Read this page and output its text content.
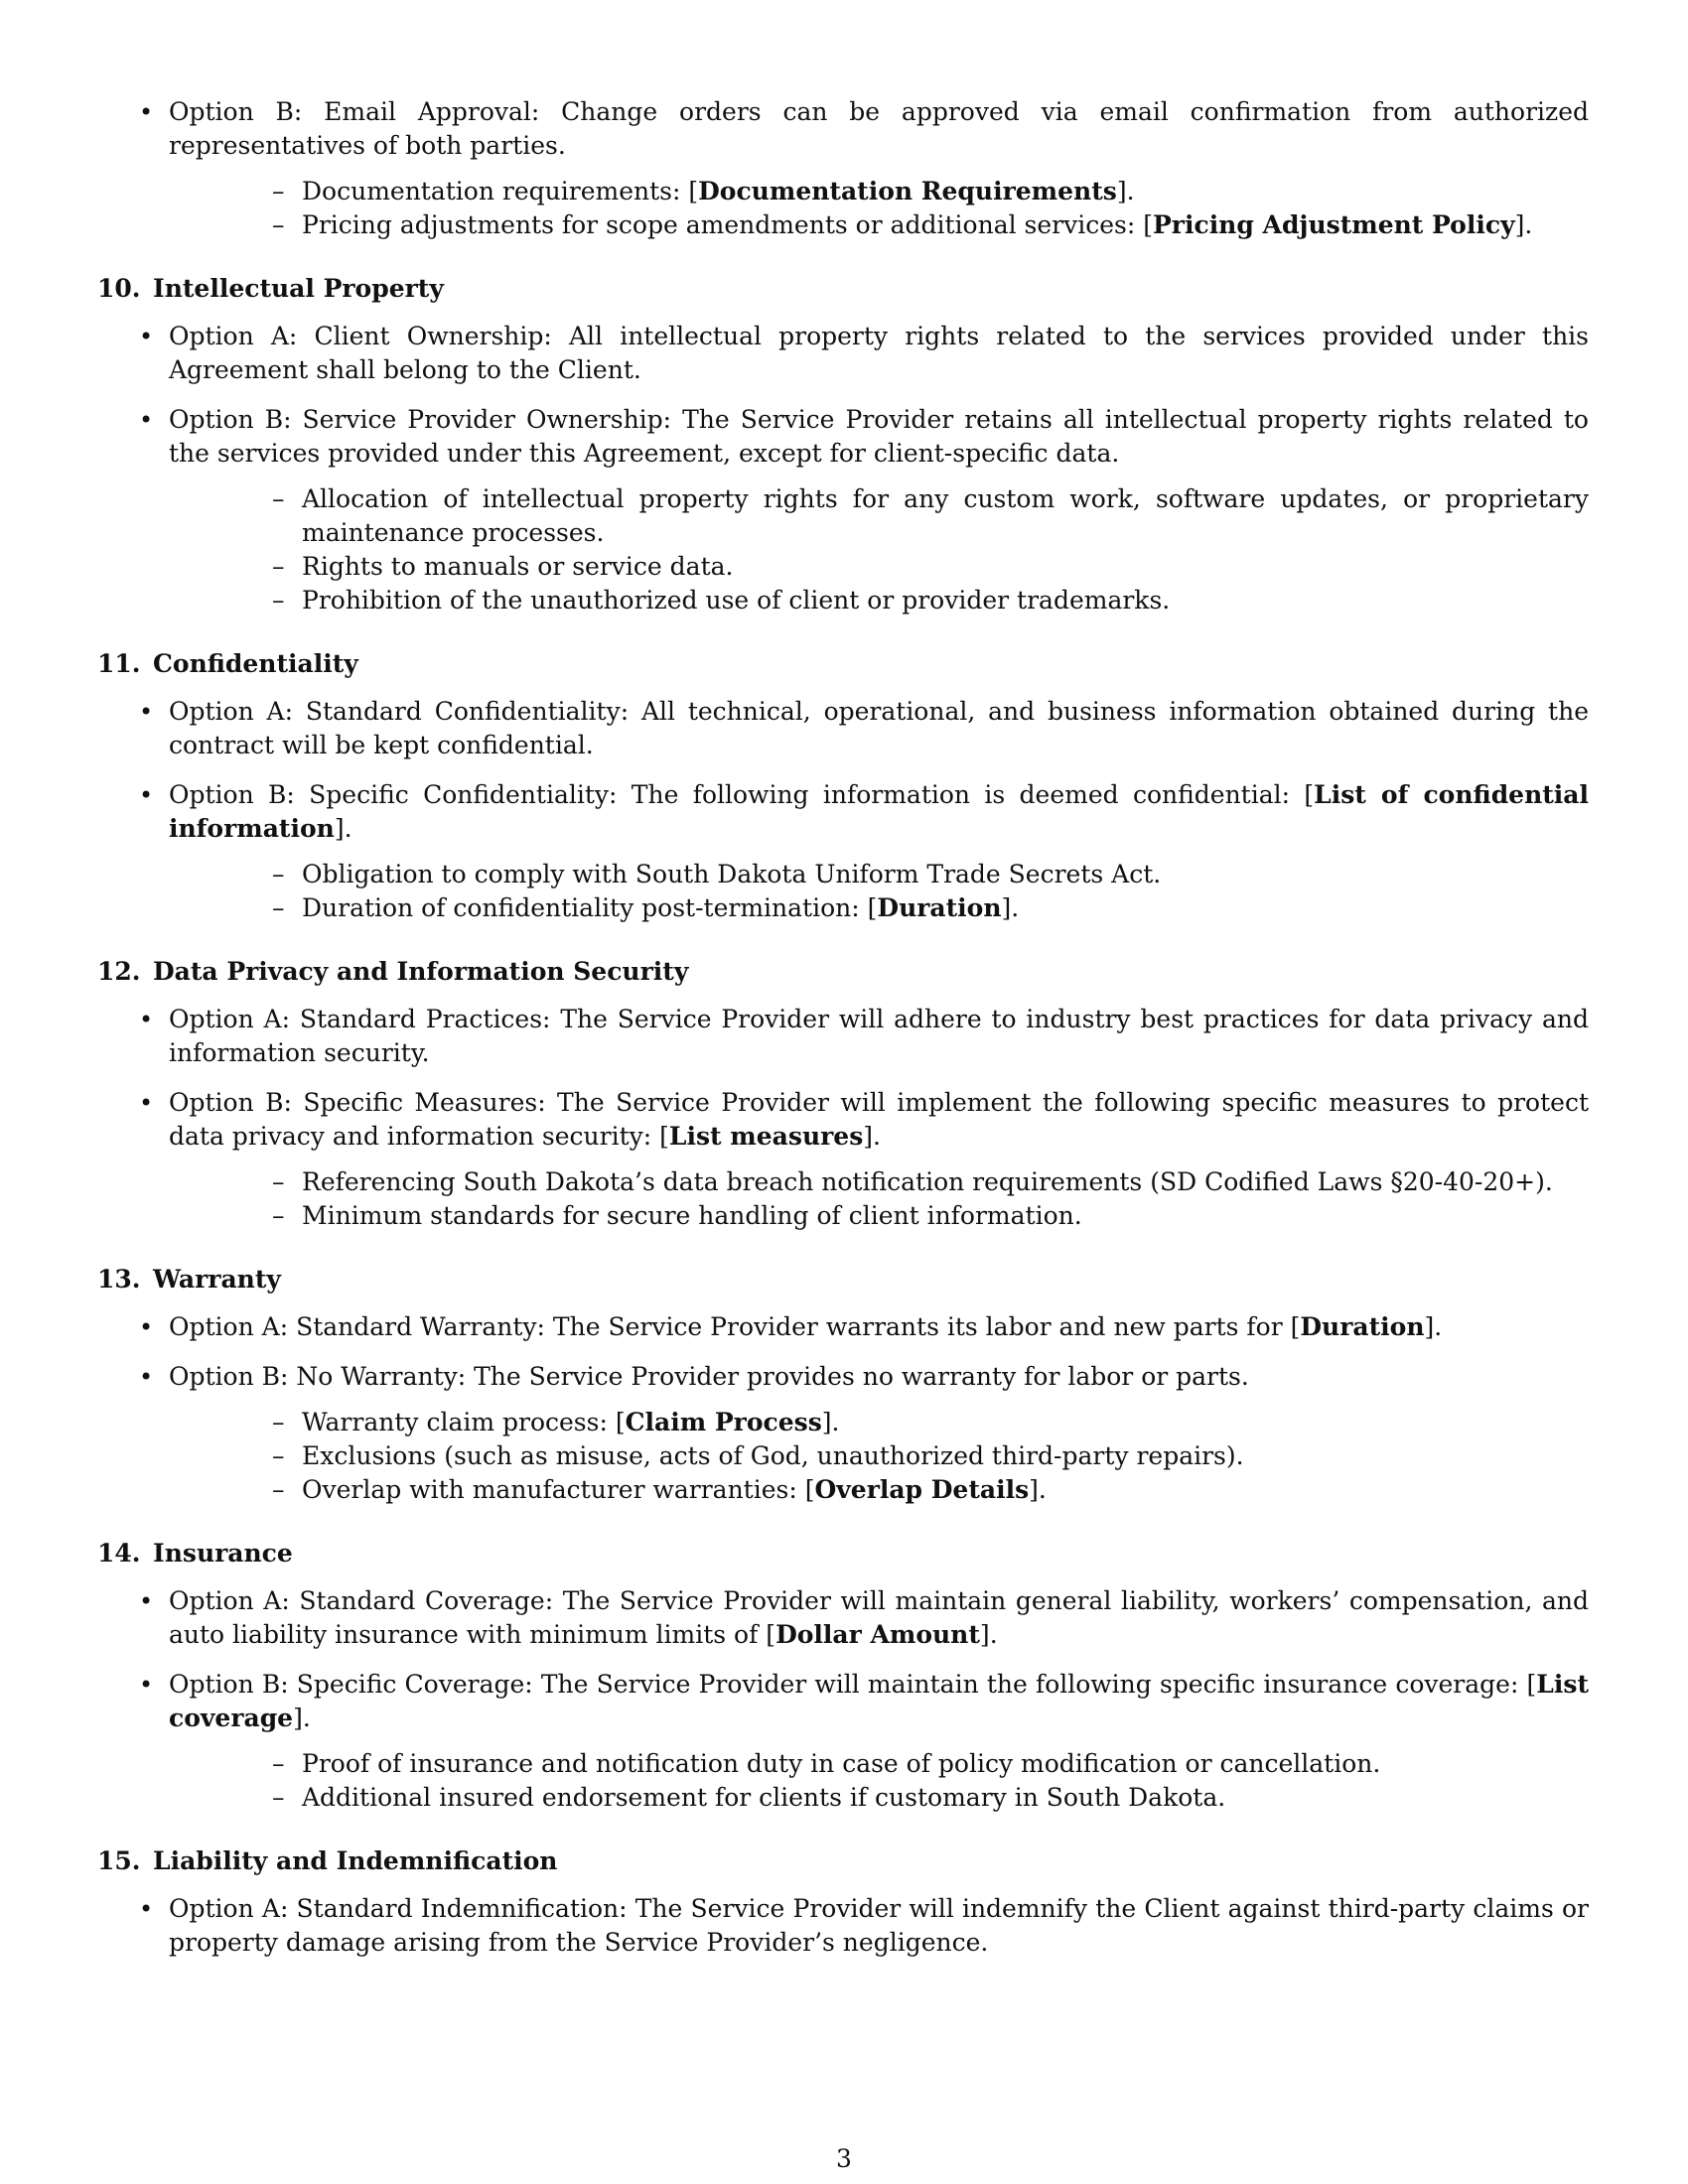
• Option B: Email Approval: Change orders can be approved via email confirmation from authorized representatives of both parties.
– Documentation requirements: [Documentation Requirements].
– Pricing adjustments for scope amendments or additional services: [Pricing Adjustment Policy].
10. Intellectual Property
• Option A: Client Ownership: All intellectual property rights related to the services provided under this Agreement shall belong to the Client.
• Option B: Service Provider Ownership: The Service Provider retains all intellectual property rights related to the services provided under this Agreement, except for client-specific data.
– Allocation of intellectual property rights for any custom work, software updates, or proprietary maintenance processes.
– Rights to manuals or service data.
– Prohibition of the unauthorized use of client or provider trademarks.
11. Confidentiality
• Option A: Standard Confidentiality: All technical, operational, and business information obtained during the contract will be kept confidential.
• Option B: Specific Confidentiality: The following information is deemed confidential: [List of confidential information].
– Obligation to comply with South Dakota Uniform Trade Secrets Act.
– Duration of confidentiality post-termination: [Duration].
12. Data Privacy and Information Security
• Option A: Standard Practices: The Service Provider will adhere to industry best practices for data privacy and information security.
• Option B: Specific Measures: The Service Provider will implement the following specific measures to protect data privacy and information security: [List measures].
– Referencing South Dakota’s data breach notification requirements (SD Codified Laws §20-40-20+).
– Minimum standards for secure handling of client information.
13. Warranty
• Option A: Standard Warranty: The Service Provider warrants its labor and new parts for [Duration].
• Option B: No Warranty: The Service Provider provides no warranty for labor or parts.
– Warranty claim process: [Claim Process].
– Exclusions (such as misuse, acts of God, unauthorized third-party repairs).
– Overlap with manufacturer warranties: [Overlap Details].
14. Insurance
• Option A: Standard Coverage: The Service Provider will maintain general liability, workers’ compensation, and auto liability insurance with minimum limits of [Dollar Amount].
• Option B: Specific Coverage: The Service Provider will maintain the following specific insurance coverage: [List coverage].
– Proof of insurance and notification duty in case of policy modification or cancellation.
– Additional insured endorsement for clients if customary in South Dakota.
15. Liability and Indemnification
• Option A: Standard Indemnification: The Service Provider will indemnify the Client against third-party claims or property damage arising from the Service Provider’s negligence.
3
